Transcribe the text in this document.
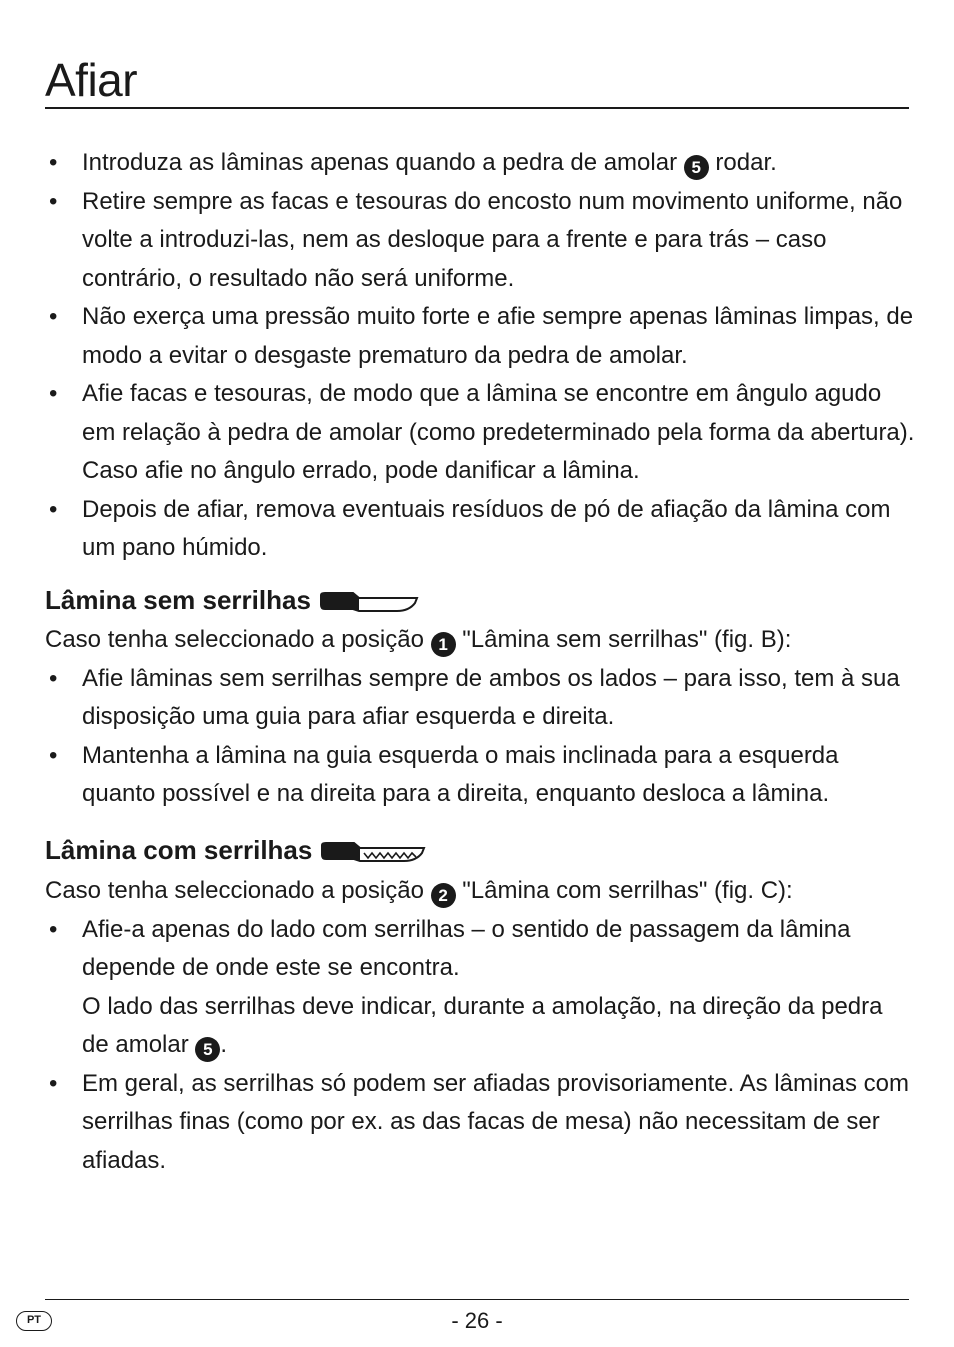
Afiar
• Introduza as lâminas apenas quando a pedra de amolar 5 rodar.
• Retire sempre as facas e tesouras do encosto num movimento uniforme, não volte a introduzi-las, nem as desloque para a frente e para trás – caso contrário, o resultado não será uniforme.
• Não exerça uma pressão muito forte e afie sempre apenas lâminas limpas, de modo a evitar o desgaste prematuro da pedra de amolar.
• Afie facas e tesouras, de modo que a lâmina se encontre em ângulo agudo em relação à pedra de amolar (como predeterminado pela forma da abertura). Caso afie no ângulo errado, pode danificar a lâmina.
• Depois de afiar, remova eventuais resíduos de pó de afiação da lâmina com um pano húmido.
Lâmina sem serrilhas
Caso tenha seleccionado a posição 1 "Lâmina sem serrilhas" (fig. B):
• Afie lâminas sem serrilhas sempre de ambos os lados – para isso, tem à sua disposição uma guia para afiar esquerda e direita.
• Mantenha a lâmina na guia esquerda o mais inclinada para a esquerda quanto possível e na direita para a direita, enquanto desloca a lâmina.
Lâmina com serrilhas
Caso tenha seleccionado a posição 2 "Lâmina com serrilhas" (fig. C):
• Afie-a apenas do lado com serrilhas – o sentido de passagem da lâmina depende de onde este se encontra.
O lado das serrilhas deve indicar, durante a amolação, na direção da pedra de amolar 5 .
• Em geral, as serrilhas só podem ser afiadas provisoriamente. As lâminas com serrilhas finas (como por ex. as das facas de mesa) não necessitam de ser afiadas.
PT	- 26 -
